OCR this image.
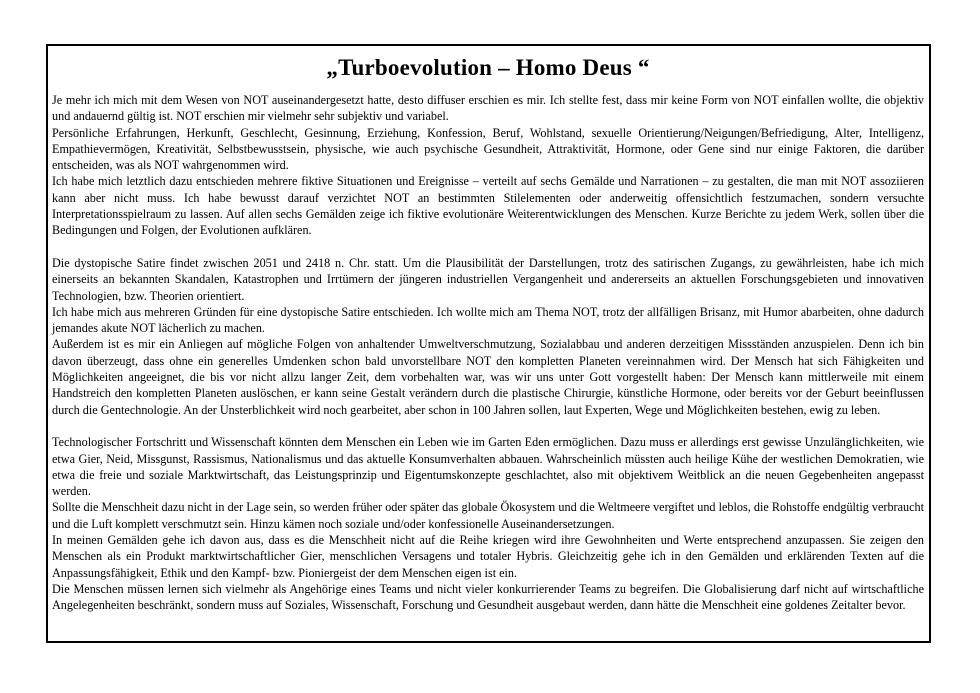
„Turboevolution – Homo Deus “

Je mehr ich mich mit dem Wesen von NOT auseinandergesetzt hatte, desto diffuser erschien es mir. Ich stellte fest, dass mir keine Form von NOT einfallen wollte, die objektiv und andauernd gültig ist. NOT erschien mir vielmehr sehr subjektiv und variabel.

Persönliche Erfahrungen, Herkunft, Geschlecht, Gesinnung, Erziehung, Konfession, Beruf, Wohlstand, sexuelle Orientierung/Neigungen/Befriedigung, Alter, Intelligenz, Empathievermögen, Kreativität, Selbstbewusstsein, physische, wie auch psychische Gesundheit, Attraktivität, Hormone, oder Gene sind nur einige Faktoren, die darüber entscheiden, was als NOT wahrgenommen wird.

Ich habe mich letztlich dazu entschieden mehrere fiktive Situationen und Ereignisse – verteilt auf sechs Gemälde und Narrationen – zu gestalten, die man mit NOT assoziieren kann aber nicht muss. Ich habe bewusst darauf verzichtet NOT an bestimmten Stilelementen oder anderweitig offensichtlich festzumachen, sondern versuchte Interpretationsspielraum zu lassen. Auf allen sechs Gemälden zeige ich fiktive evolutionäre Weiterentwicklungen des Menschen. Kurze Berichte zu jedem Werk, sollen über die Bedingungen und Folgen, der Evolutionen aufklären.

Die dystopische Satire findet zwischen 2051 und 2418 n. Chr. statt. Um die Plausibilität der Darstellungen, trotz des satirischen Zugangs, zu gewährleisten, habe ich mich einerseits an bekannten Skandalen, Katastrophen und Irrtümern der jüngeren industriellen Vergangenheit und andererseits an aktuellen Forschungsgebieten und innovativen Technologien, bzw. Theorien orientiert.

Ich habe mich aus mehreren Gründen für eine dystopische Satire entschieden. Ich wollte mich am Thema NOT, trotz der allfälligen Brisanz, mit Humor abarbeiten, ohne dadurch jemandes akute NOT lächerlich zu machen.

Außerdem ist es mir ein Anliegen auf mögliche Folgen von anhaltender Umweltverschmutzung, Sozialabbau und anderen derzeitigen Missständen anzuspielen. Denn ich bin davon überzeugt, dass ohne ein generelles Umdenken schon bald unvorstellbare NOT den kompletten Planeten vereinnahmen wird. Der Mensch hat sich Fähigkeiten und Möglichkeiten angeeignet, die bis vor nicht allzu langer Zeit, dem vorbehalten war, was wir uns unter Gott vorgestellt haben: Der Mensch kann mittlerweile mit einem Handstreich den kompletten Planeten auslöschen, er kann seine Gestalt verändern durch die plastische Chirurgie, künstliche Hormone, oder bereits vor der Geburt beeinflussen durch die Gentechnologie. An der Unsterblichkeit wird noch gearbeitet, aber schon in 100 Jahren sollen, laut Experten, Wege und Möglichkeiten bestehen, ewig zu leben.

Technologischer Fortschritt und Wissenschaft könnten dem Menschen ein Leben wie im Garten Eden ermöglichen. Dazu muss er allerdings erst gewisse Unzulänglichkeiten, wie etwa Gier, Neid, Missgunst, Rassismus, Nationalismus und das aktuelle Konsumverhalten abbauen. Wahrscheinlich müssten auch heilige Kühe der westlichen Demokratien, wie etwa die freie und soziale Marktwirtschaft, das Leistungsprinzip und Eigentumskonzepte geschlachtet, also mit objektivem Weitblick an die neuen Gegebenheiten angepasst werden.

Sollte die Menschheit dazu nicht in der Lage sein, so werden früher oder später das globale Ökosystem und die Weltmeere vergiftet und leblos, die Rohstoffe endgültig verbraucht und die Luft komplett verschmutzt sein. Hinzu kämen noch soziale und/oder konfessionelle Auseinandersetzungen.

In meinen Gemälden gehe ich davon aus, dass es die Menschheit nicht auf die Reihe kriegen wird ihre Gewohnheiten und Werte entsprechend anzupassen. Sie zeigen den Menschen als ein Produkt marktwirtschaftlicher Gier, menschlichen Versagens und totaler Hybris. Gleichzeitig gehe ich in den Gemälden und erklärenden Texten auf die Anpassungsfähigkeit, Ethik und den Kampf- bzw. Pioniergeist der dem Menschen eigen ist ein.

Die Menschen müssen lernen sich vielmehr als Angehörige eines Teams und nicht vieler konkurrierender Teams zu begreifen. Die Globalisierung darf nicht auf wirtschaftliche Angelegenheiten beschränkt, sondern muss auf Soziales, Wissenschaft, Forschung und Gesundheit ausgebaut werden, dann hätte die Menschheit eine goldenes Zeitalter bevor.
